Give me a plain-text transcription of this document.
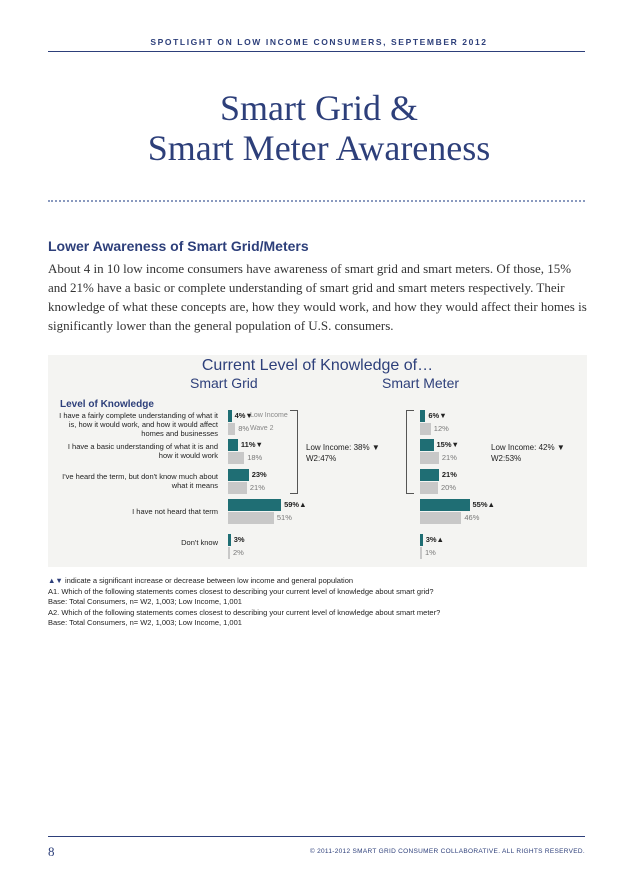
SPOTLIGHT ON LOW INCOME CONSUMERS, SEPTEMBER 2012
Smart Grid &
Smart Meter Awareness
Lower Awareness of Smart Grid/Meters
About 4 in 10 low income consumers have awareness of smart grid and smart meters. Of those, 15% and 21% have a basic or complete understanding of smart grid and smart meters respectively. Their knowledge of what these concepts are, how they would work, and how they would affect their homes is significantly lower than the general population of U.S. consumers.
Current Level of Knowledge of…
Smart Grid	Smart Meter
Level of Knowledge
I have a fairly complete understanding of what it is, how it would work, and how it would affect homes and businesses
I have a basic understanding of what it is and how it would work
I've heard the term, but don't know much about what it means
I have not heard that term
Don't know
4%▼
8%
11%▼
18%
23%
21%
59%▲
51%
3%
2%
Low Income: 38% ▼
W2:47%
6%▼
12%
15%▼
21%
21%
20%
55%▲
46%
3%▲
1%
Low Income: 42% ▼
W2:53%
Low Income
Wave 2
▲▼ indicate a significant increase or decrease between low income and general population
A1. Which of the following statements comes closest to describing your current level of knowledge about smart grid?
Base: Total Consumers, n= W2, 1,003; Low Income, 1,001
A2. Which of the following statements comes closest to describing your current level of knowledge about smart meter?
Base: Total Consumers, n= W2, 1,003; Low Income, 1,001
8	© 2011-2012 SMART GRID CONSUMER COLLABORATIVE. ALL RIGHTS RESERVED.
